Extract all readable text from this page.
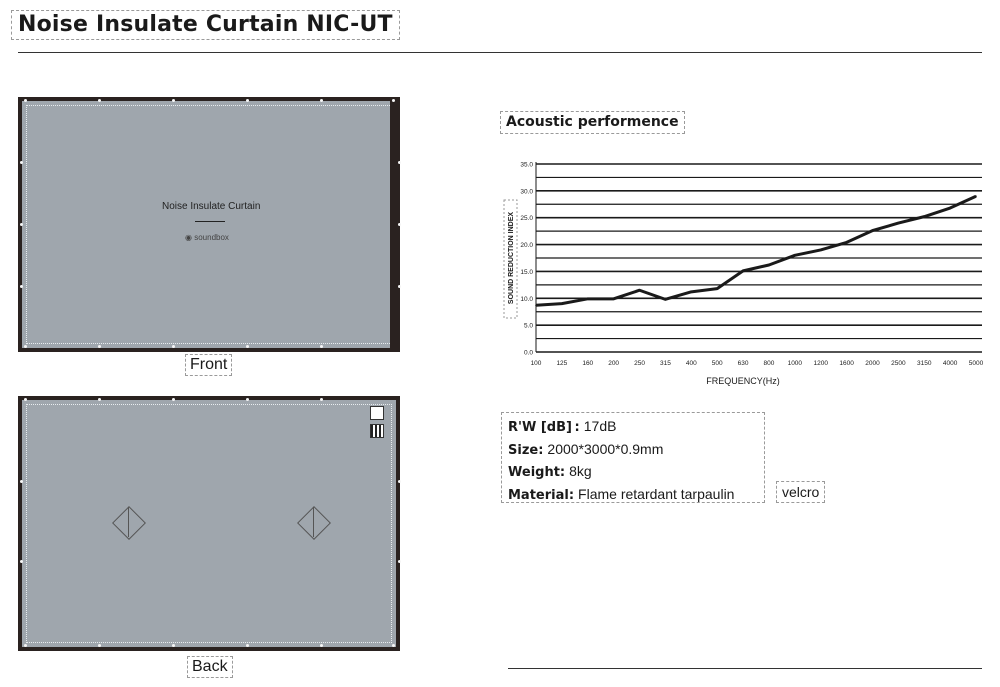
Noise Insulate Curtain NIC-UT
Noise Insulate Curtain
◉ soundbox
Front
Back
Acoustic performence
0.0
5.0
10.0
15.0
20.0
25.0
30.0
35.0
100 125 160 200 250 315 400 500 630 800 1000 1200 1600 2000 2500 3150 4000 5000
FREQUENCY(Hz)
SOUND REDUCTION INDEX
R'W [dB] : 17dB
Size: 2000*3000*0.9mm
Weight: 8kg
Material: Flame retardant tarpaulin	velcro
